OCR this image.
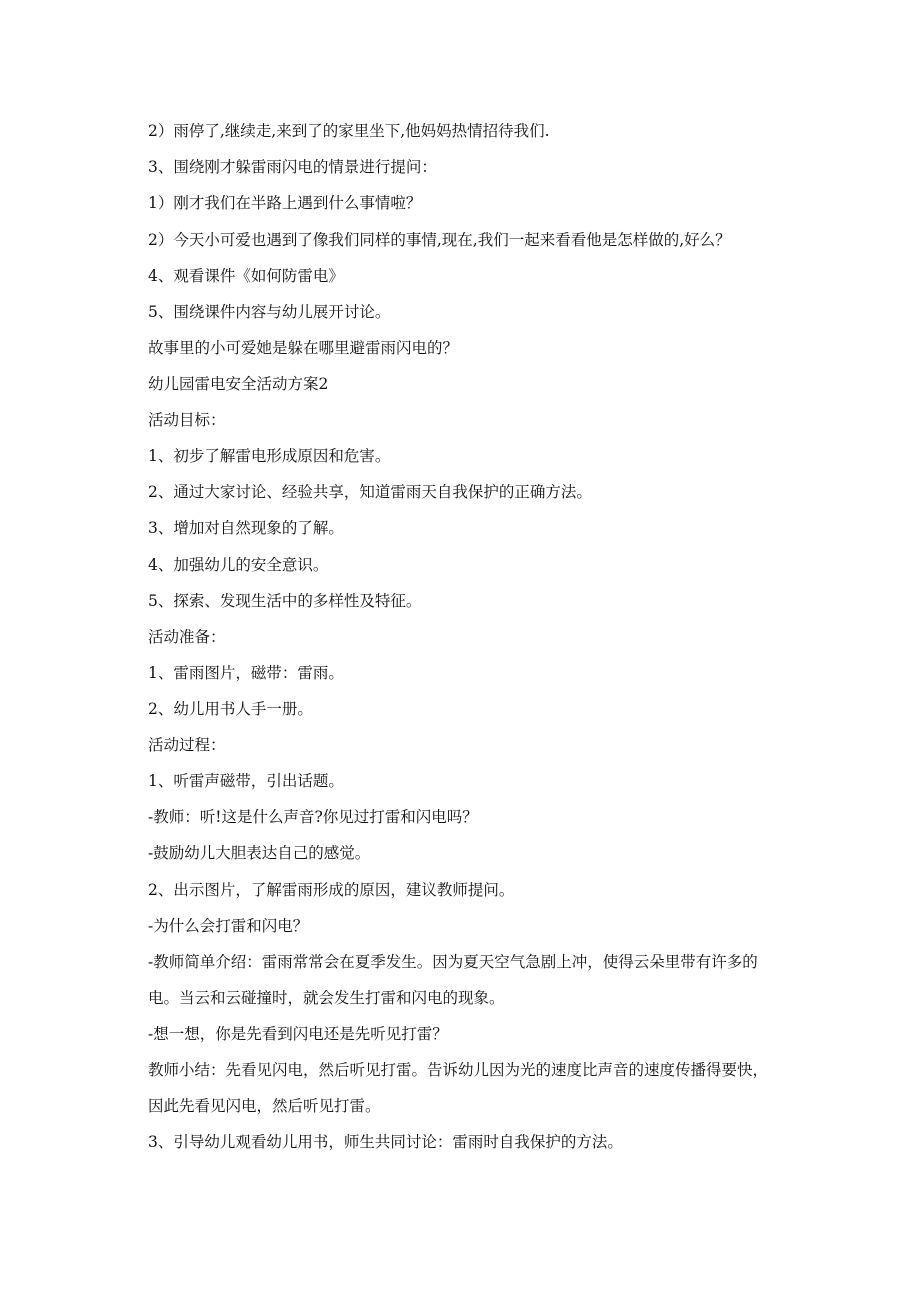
2）雨停了,继续走,来到了的家里坐下,他妈妈热情招待我们.
3、围绕刚才躲雷雨闪电的情景进行提问：
1）刚才我们在半路上遇到什么事情啦？
2）今天小可爱也遇到了像我们同样的事情,现在,我们一起来看看他是怎样做的,好么？
4、观看课件《如何防雷电》
5、围绕课件内容与幼儿展开讨论。
故事里的小可爱她是躲在哪里避雷雨闪电的？
幼儿园雷电安全活动方案2
活动目标：
1、初步了解雷电形成原因和危害。
2、通过大家讨论、经验共享，知道雷雨天自我保护的正确方法。
3、增加对自然现象的了解。
4、加强幼儿的安全意识。
5、探索、发现生活中的多样性及特征。
活动准备：
1、雷雨图片，磁带：雷雨。
2、幼儿用书人手一册。
活动过程：
1、听雷声磁带，引出话题。
-教师：听!这是什么声音?你见过打雷和闪电吗？
-鼓励幼儿大胆表达自己的感觉。
2、出示图片，了解雷雨形成的原因，建议教师提问。
-为什么会打雷和闪电？
-教师简单介绍：雷雨常常会在夏季发生。因为夏天空气急剧上冲，使得云朵里带有许多的
电。当云和云碰撞时，就会发生打雷和闪电的现象。
-想一想，你是先看到闪电还是先听见打雷？
教师小结：先看见闪电，然后听见打雷。告诉幼儿因为光的速度比声音的速度传播得要快，
因此先看见闪电，然后听见打雷。
3、引导幼儿观看幼儿用书，师生共同讨论：雷雨时自我保护的方法。
